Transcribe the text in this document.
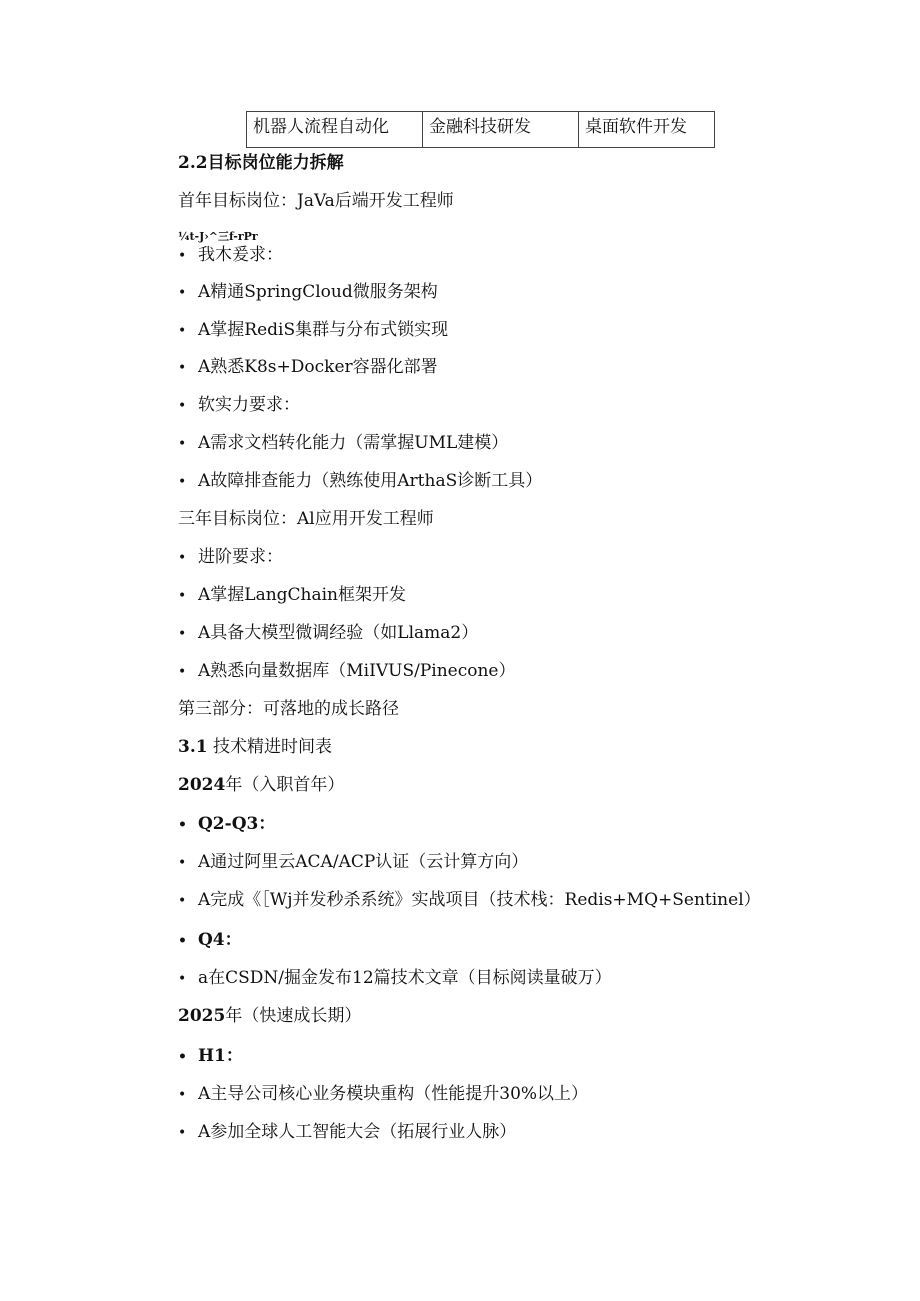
机器人流程自动化	金融科技研发	桌面软件开发
2.2目标岗位能力拆解
首年目标岗位：JaVa后端开发工程师
¼t-J›^三f-rPr
• 我木爰求：
• A精通SpringCloud微服务架构
• A掌握RediS集群与分布式锁实现
• A熟悉K8s+Docker容器化部署
• 软实力要求：
• A需求文档转化能力（需掌握UML建模）
• A故障排查能力（熟练使用ArthaS诊断工具）
三年目标岗位：Al应用开发工程师
• 进阶要求：
• A掌握LangChain框架开发
• A具备大模型微调经验（如Llama2）
• A熟悉向量数据库（MiIVUS/Pinecone）
第三部分：可落地的成长路径
3.1 技术精进时间表
2024年（入职首年）
• Q2-Q3：
• A通过阿里云ACA/ACP认证（云计算方向）
• A完成《［Wj并发秒杀系统》实战项目（技术栈：Redis+MQ+Sentinel）
• Q4：
• a在CSDN/掘金发布12篇技术文章（目标阅读量破万）
2025年（快速成长期）
• H1：
• A主导公司核心业务模块重构（性能提升30%以上）
• A参加全球人工智能大会（拓展行业人脉）
